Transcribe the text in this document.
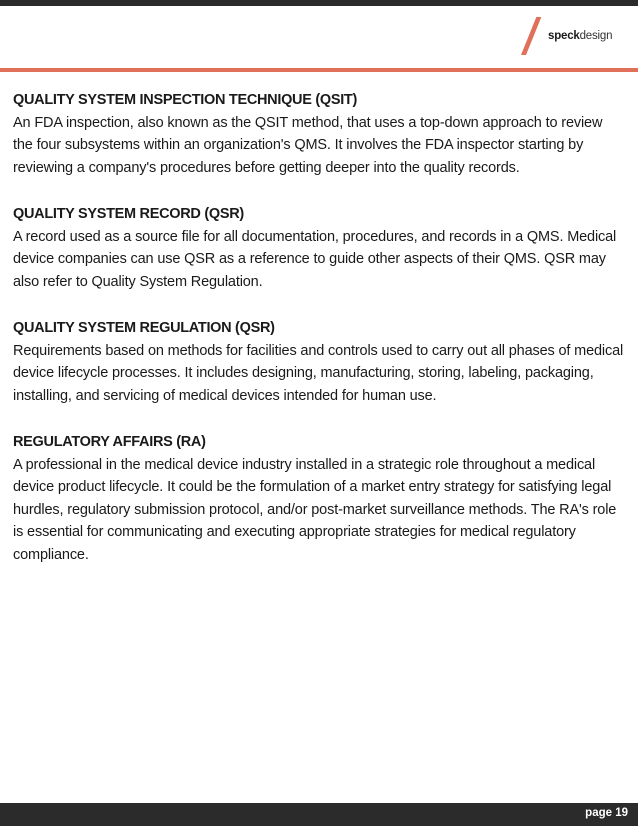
speckdesign

QUALITY SYSTEM INSPECTION TECHNIQUE (QSIT)

An FDA inspection, also known as the QSIT method, that uses a top-down approach to review the four subsystems within an organization's QMS. It involves the FDA inspector starting by reviewing a company's procedures before getting deeper into the quality records.

QUALITY SYSTEM RECORD (QSR)

A record used as a source file for all documentation, procedures, and records in a QMS. Medical device companies can use QSR as a reference to guide other aspects of their QMS. QSR may also refer to Quality System Regulation.

QUALITY SYSTEM REGULATION (QSR)

Requirements based on methods for facilities and controls used to carry out all phases of medical device lifecycle processes. It includes designing, manufacturing, storing, labeling, packaging, installing, and servicing of medical devices intended for human use.

REGULATORY AFFAIRS (RA)

A professional in the medical device industry installed in a strategic role throughout a medical device product lifecycle. It could be the formulation of a market entry strategy for satisfying legal hurdles, regulatory submission protocol, and/or post-market surveillance methods. The RA's role is essential for communicating and executing appropriate strategies for medical regulatory compliance.

page 19
